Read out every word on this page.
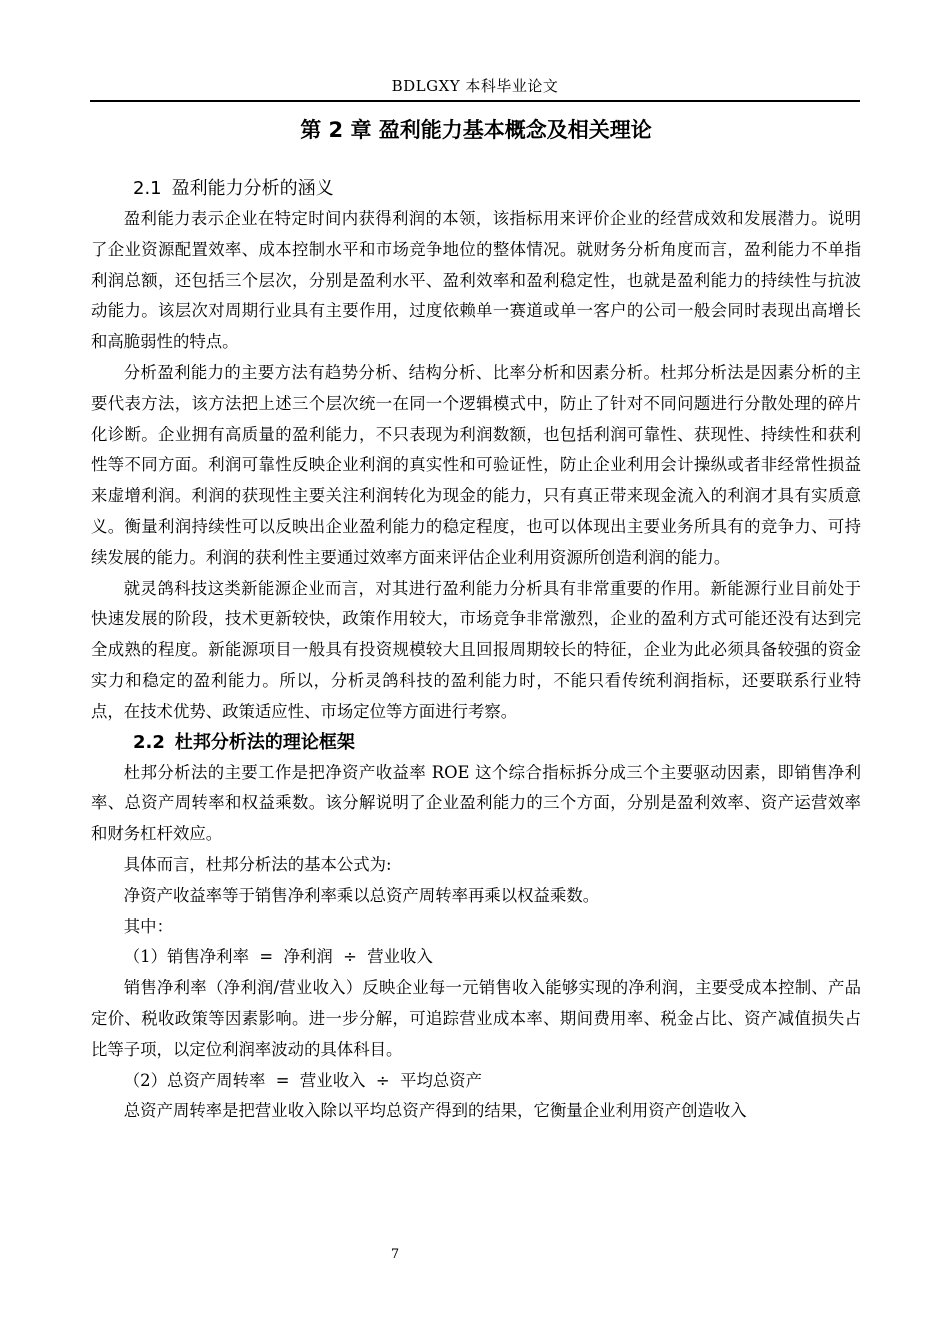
BDLGXY 本科毕业论文
第 2 章 盈利能力基本概念及相关理论
2.1 盈利能力分析的涵义

盈利能力表示企业在特定时间内获得利润的本领，该指标用来评价企业的经营成效和发展潜力。说明了企业资源配置效率、成本控制水平和市场竞争地位的整体情况。就财务分析角度而言，盈利能力不单指利润总额，还包括三个层次，分别是盈利水平、盈利效率和盈利稳定性，也就是盈利能力的持续性与抗波动能力。该层次对周期行业具有主要作用，过度依赖单一赛道或单一客户的公司一般会同时表现出高增长和高脆弱性的特点。

分析盈利能力的主要方法有趋势分析、结构分析、比率分析和因素分析。杜邦分析法是因素分析的主要代表方法，该方法把上述三个层次统一在同一个逻辑模式中，防止了针对不同问题进行分散处理的碎片化诊断。企业拥有高质量的盈利能力，不只表现为利润数额，也包括利润可靠性、获现性、持续性和获利性等不同方面。利润可靠性反映企业利润的真实性和可验证性，防止企业利用会计操纵或者非经常性损益来虚增利润。利润的获现性主要关注利润转化为现金的能力，只有真正带来现金流入的利润才具有实质意义。衡量利润持续性可以反映出企业盈利能力的稳定程度，也可以体现出主要业务所具有的竞争力、可持续发展的能力。利润的获利性主要通过效率方面来评估企业利用资源所创造利润的能力。

就灵鸽科技这类新能源企业而言，对其进行盈利能力分析具有非常重要的作用。新能源行业目前处于快速发展的阶段，技术更新较快，政策作用较大，市场竞争非常激烈，企业的盈利方式可能还没有达到完全成熟的程度。新能源项目一般具有投资规模较大且回报周期较长的特征，企业为此必须具备较强的资金实力和稳定的盈利能力。所以，分析灵鸽科技的盈利能力时，不能只看传统利润指标，还要联系行业特点，在技术优势、政策适应性、市场定位等方面进行考察。

2.2 杜邦分析法的理论框架

杜邦分析法的主要工作是把净资产收益率 ROE 这个综合指标拆分成三个主要驱动因素，即销售净利率、总资产周转率和权益乘数。该分解说明了企业盈利能力的三个方面，分别是盈利效率、资产运营效率和财务杠杆效应。

具体而言，杜邦分析法的基本公式为:

净资产收益率等于销售净利率乘以总资产周转率再乘以权益乘数。

其中：

（1）销售净利率  =  净利润  ÷  营业收入

销售净利率（净利润/营业收入）反映企业每一元销售收入能够实现的净利润，主要受成本控制、产品定价、税收政策等因素影响。进一步分解，可追踪营业成本率、期间费用率、税金占比、资产减值损失占比等子项，以定位利润率波动的具体科目。

（2）总资产周转率  =  营业收入  ÷  平均总资产

总资产周转率是把营业收入除以平均总资产得到的结果，它衡量企业利用资产创造收入

7
